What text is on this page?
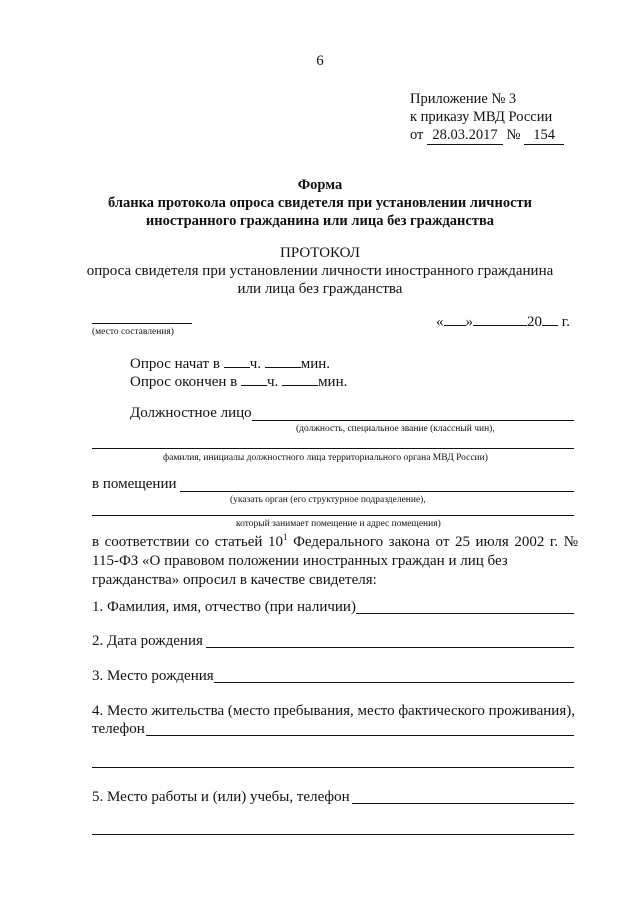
6
Приложение № 3
к приказу МВД России
от 28.03.2017 № 154
Форма
бланка протокола опроса свидетеля при установлении личности
иностранного гражданина или лица без гражданства
ПРОТОКОЛ
опроса свидетеля при установлении личности иностранного гражданина
или лица без гражданства
(место составления)
« »	20 г.
Опрос начат в ч.	мин.
Опрос окончен в ч.	мин.
Должностное лицо
(должность, специальное звание (классный чин),
фамилия, инициалы должностного лица территориального органа МВД России)
в помещении
(указать орган (его структурное подразделение),
который занимает помещение и адрес помещения)
в соответствии со статьей $10^1$ Федерального закона от 25 июля 2002 г. № 115-ФЗ «О правовом положении иностранных граждан и лиц без
гражданства» опросил в качестве свидетеля:
1. Фамилия, имя, отчество (при наличии)
2. Дата рождения
3. Место рождения
4. Место жительства (место пребывания, место фактического проживания),
телефон
5. Место работы и (или) учебы, телефон
